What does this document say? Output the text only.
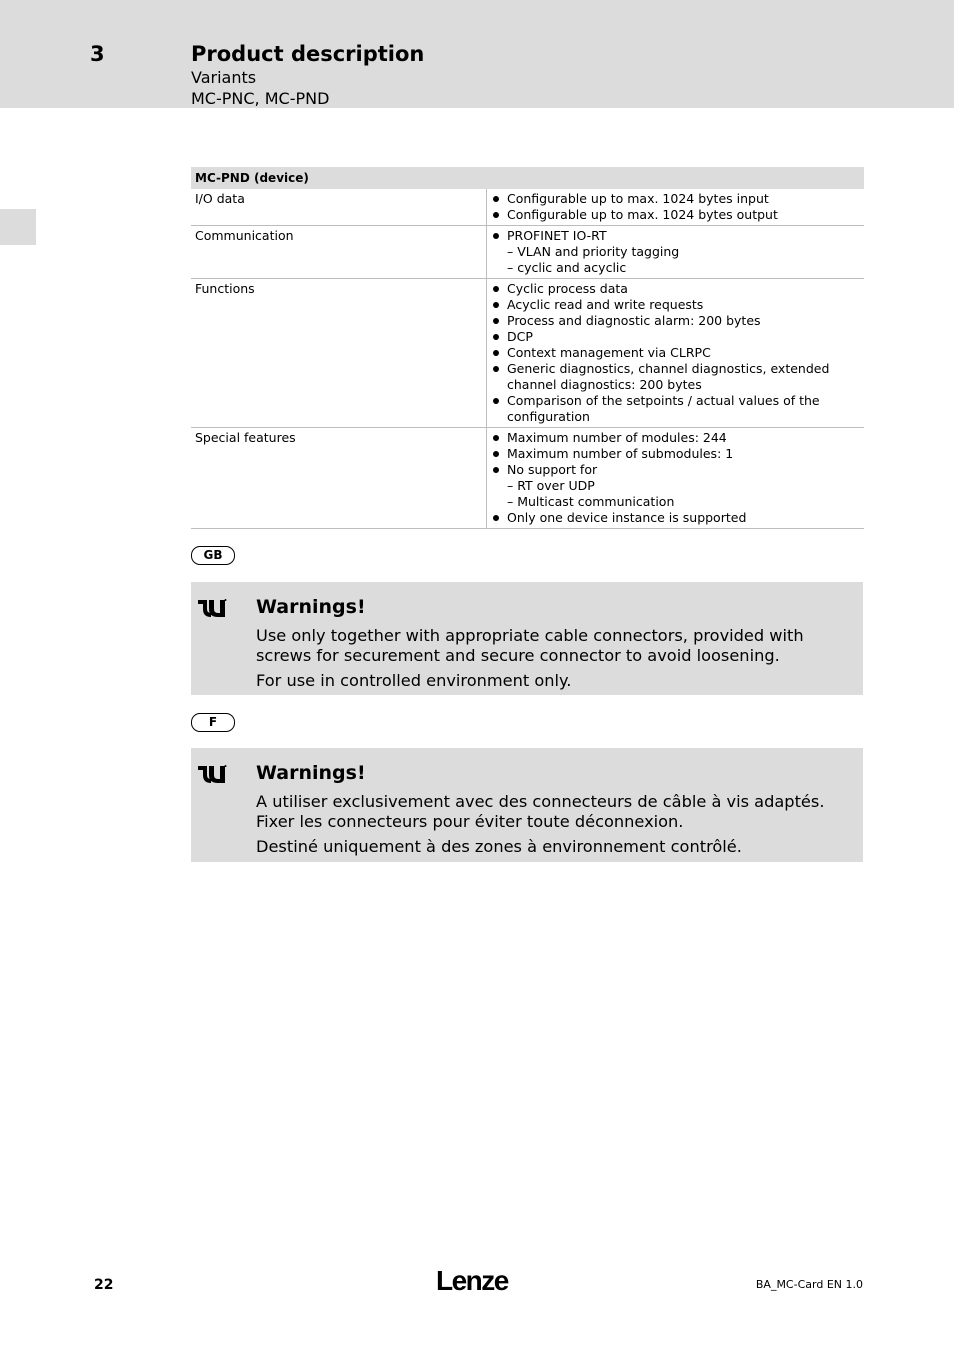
3	Product description
Variants
MC-PNC, MC-PND
MC-PND (device)
I/O data	Configurable up to max. 1024 bytes input
Configurable up to max. 1024 bytes output
Communication	PROFINET IO-RT
– VLAN and priority tagging
– cyclic and acyclic
Functions	Cyclic process data
Acyclic read and write requests
Process and diagnostic alarm: 200 bytes
DCP
Context management via CLRPC
Generic diagnostics, channel diagnostics, extended channel diagnostics: 200 bytes
Comparison of the setpoints / actual values of the configuration
Special features	Maximum number of modules: 244
Maximum number of submodules: 1
No support for
– RT over UDP
– Multicast communication
Only one device instance is supported
GB
Warnings!

Use only together with appropriate cable connectors, provided with screws for securement and secure connector to avoid loosening.

For use in controlled environment only.

F
Warnings!

A utiliser exclusivement avec des connecteurs de câble à vis adaptés. Fixer les connecteurs pour éviter toute déconnexion.

Destiné uniquement à des zones à environnement contrôlé.

22	Lenze	BA_MC-Card EN 1.0
